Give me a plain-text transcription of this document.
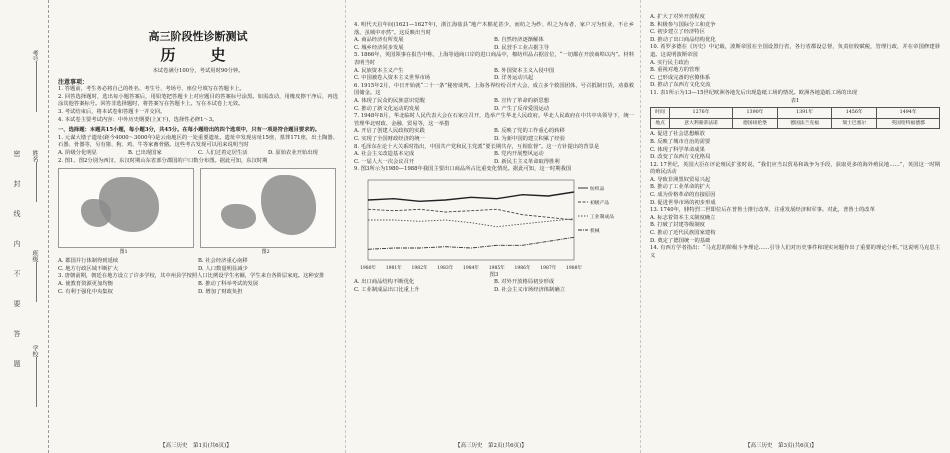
考号
姓名
班级
学校
密
封
线
内
不
要
答
题
高三阶段性诊断测试
历　史

本试卷满分100分，考试用时90分钟。

注意事项：

1. 答题前，考生务必将自己的姓名、考生号、考场号、座位号填写在答题卡上。

2. 回答选择题时，选出每小题答案后，用铅笔把答题卡上对应题目的答案标号涂黑。如需改动，用橡皮擦干净后，再选涂其他答案标号。回答非选择题时，将答案写在答题卡上。写在本试卷上无效。

3. 考试结束后，将本试卷和答题卡一并交回。

4. 本试卷主要考试内容：中外历史纲要(上)(下)，选择性必修1～3。

一、选择题：本题共15小题，每小题3分，共45分。在每小题给出的四个选项中，只有一项是符合题目要求的。

1. 元谋大墩子遗址(距今4000～3000年)是云南地区的一处重要遗址。遗址中发现房址15座，墓葬171座，出土陶器、石器、骨器等，另有猪、狗、鸡、牛等家畜骨骼。这些考古发现可以用来说明当时

A. 阶级分化明显	B. 已出现国家	C. 人们过着定居生活	D. 原始农业开始出现

2. 图1、图2分别为西汉、东汉时期山东省部分郡国的户口数分布图。据此可知，东汉时期

图1	图2
A. 郡国并行体制得到延续	B. 社会经济重心南移
C. 地方行政区域不断扩大	D. 人口数量明显减少

3. 唐朝前期，朝廷在地方设立了许多学校，其中州县学按照人口比例设学生名额，学生来自各阶层家庭。这种安排

A. 使教育资源更加均衡	B. 推动了科举考试的发展
C. 有利于强化中央集权	D. 增加了财政负担
【高三历史　第1页(共6页)】

4. 明代天启年间(1621—1627年)，浙江海盐县“地产木棉花甚少，而纺之为纱、织之为布者，家户习为恒业，不止乡落，虽城中亦然”。这反映出当时

A. 商品经济有所发展	B. 自然经济逐渐解体
C. 城乡经济同步发展	D. 民营手工业占据主导

5. 1866年，英国领事在报告中称，上海等通商口岸的进口商品中，棉纺织品占据首位，“一切都在开放商埠以内”。材料表明当时

A. 民族资本主义产生	B. 外国资本主义入侵中国
C. 中国被卷入资本主义世界市场	D. 洋务运动兴起

6. 1915年2月，中日开始就“二十一条”秘密谈判。上海各界纷纷召开大会，成立多个救国团体，号召抵制日货，劝募救国储金。这

A. 体现了民众的民族意识觉醒	B. 宣传了革命的新思想
C. 推动了新文化运动的发展	D. 产生了反帝爱国运动

7. 1948年8月，华北临时人民代表大会在石家庄召开，选举产生华北人民政府。华北人民政府在中共中央领导下，统一管理华北财政、金融、贸易等，这一举措

A. 开启了创建人民政权的实践	B. 反映了党的工作重心的转移
C. 实现了全国财政经济的统一	D. 为新中国的建立积累了经验

8. 毛泽东在论十大关系时指出，中国共产党和民主党派“要长期共存，互相监督”。这一方针提出的背景是

A. 社会主义改造基本完成	B. 党内开展整风运动
C. 一届人大一次会议召开	D. 新民主主义革命取得胜利

9. 图3所示为1980—1988年我国主要出口商品所占比重变化情况。据此可知，这一时期我国

1980年 1981年 1982年 1983年 1984年 1985年 1986年 1987年 1988年
纺织品
初级产品
工业制成品
机械
图3
A. 出口商品结构不断优化	B. 对外开放格局初步形成
C. 工业制成品出口比重上升	D. 社会主义市场经济体制确立
【高三历史　第2页(共6页)】
A. 扩大了对外开放程度
B. 积极参与国际分工和竞争
C. 初步建立了经济特区
D. 推动了出口商品结构优化

10. 希罗多德在《历史》中记载，波斯帝国在全国设置行省，各行省都设总督，负责征收赋税，管理行政，并在帝国修建驿道。这说明波斯帝国

A. 实行民主政治
B. 重视对地方的管理
C. 已形成完备的官僚体系
D. 推动了东西方文化交流

11. 表1所示为13—15世纪欧洲各地先后出现造纸工场的情况。欧洲各地造纸工场的出现

表1
时间	1276年	1390年	1391年	1456年	1494年
地点	意大利蒙蒂法诺	德国纽伦堡	德国法兰克福	瑞士巴塞尔	英国哈特福德郡
A. 促进了社会思想解放
B. 反映了城市自治的需要
C. 体现了科学革命成果
D. 改变了东西方文化格局

12. 17世纪，英国大臣在评论殖民扩张时说，“我们应当以贸易和战争为手段，获取更多的海外殖民地……”，英国这一时期的殖民活动

A. 导致非洲黑奴贸易兴起
B. 推动了工业革命的扩大
C. 成为价格革命的直接原因
D. 促进世界市场的初步形成

13. 1740年，腓特烈二世即位后在普鲁士推行改革，注重发展经济和军事。对此，普鲁士的改革

A. 标志着资本主义制度确立
B. 打破了封建等级制度
C. 推动了近代民族国家建构
D. 奠定了德国统一的基础

14. 有西方学者指出：“马克思的阶级斗争理论……引导人们对历史事件和现实问题作出了重要的理论分析。”这说明马克思主义

【高三历史　第3页(共6页)】
